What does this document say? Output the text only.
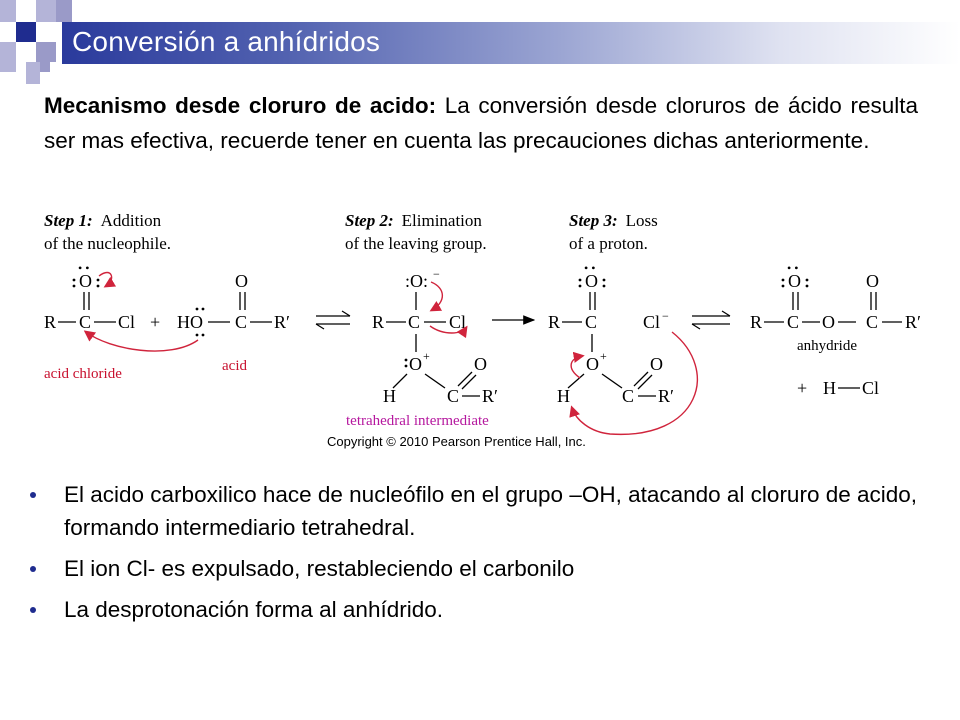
Conversión a anhídridos
Mecanismo desde cloruro de acido: La conversión desde cloruros de ácido resulta ser mas efectiva, recuerde tener en cuenta las precauciones dichas anteriormente.
Step 1: Addition
of the nucleophile.
Step 2: Elimination
of the leaving group.
Step 3: Loss
of a proton.
O
• •
R C Cl +
acid chloride
O
HO C R′
acid
:O: −
R C Cl
O +
H	C
O
R′
tetrahedral intermediate
O
• •
R C
O +
H	C
O
R′
Cl −
O
• •
R C O
O
C R′
+ H Cl
anhydride
Copyright © 2010 Pearson Prentice Hall, Inc.
El acido carboxilico hace de nucleófilo en el grupo –OH, atacando al cloruro de acido, formando intermediario tetrahedral.
El ion Cl- es expulsado, restableciendo el carbonilo
La desprotonación forma al anhídrido.
